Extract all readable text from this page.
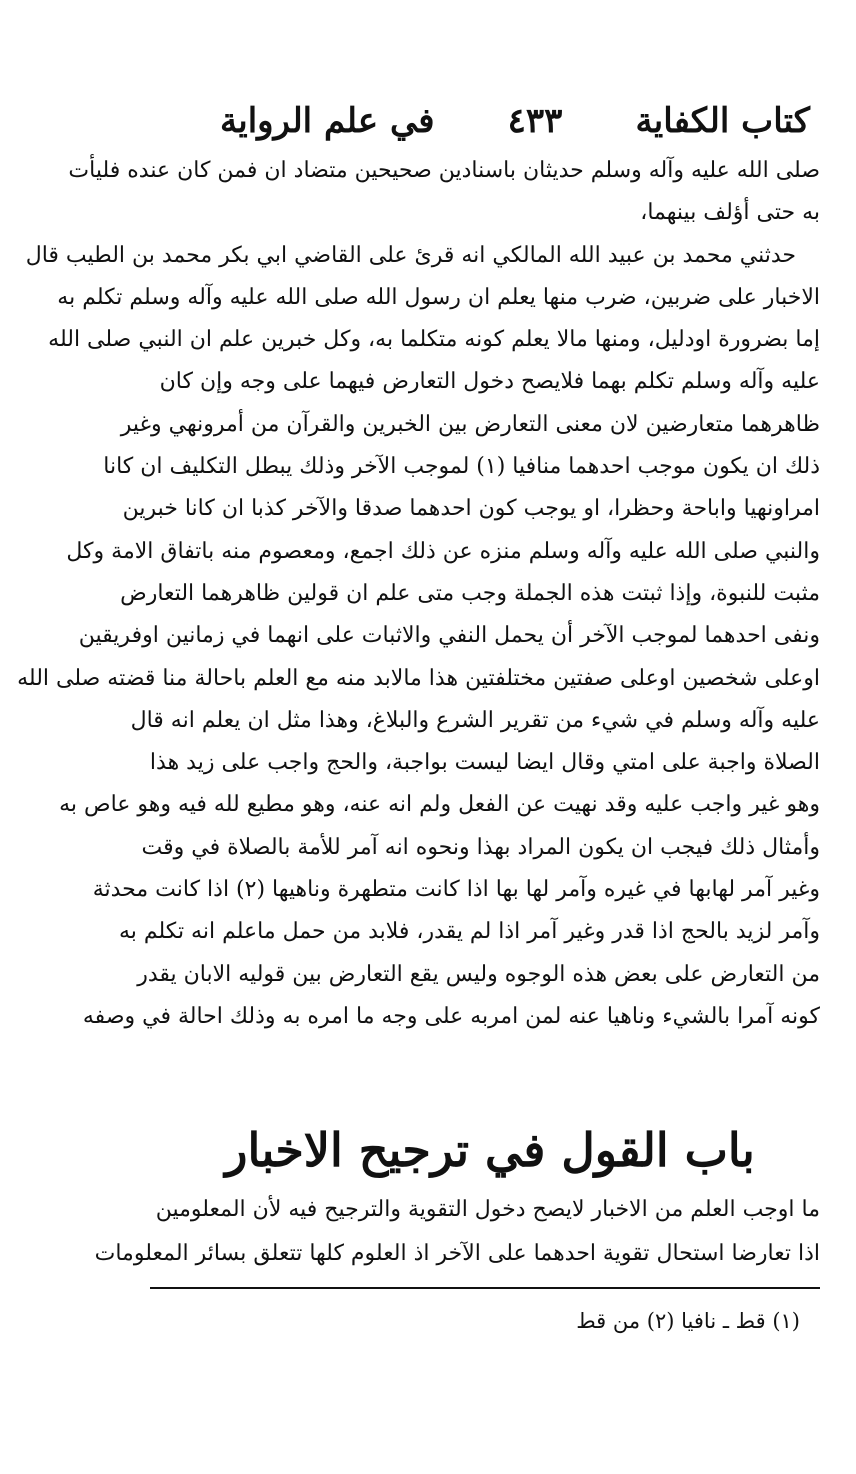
كتاب الكفاية
٤٣٣
في علم الرواية
صلى الله عليه وآله وسلم حديثان باسنادين صحيحين متضاد ان فمن كان عنده فليأت
به حتى أؤلف بينهما،
حدثني محمد بن عبيد الله المالكي انه قرئ على القاضي ابي بكر محمد بن الطيب قال
الاخبار على ضربين، ضرب منها يعلم ان رسول الله صلى الله عليه وآله وسلم تكلم به
إما بضرورة اودليل، ومنها مالا يعلم كونه متكلما به، وكل خبرين علم ان النبي صلى الله
عليه وآله وسلم تكلم بهما فلايصح دخول التعارض فيهما على وجه وإن كان
ظاهرهما متعارضين لان معنى التعارض بين الخبرين والقرآن من أمرونهي وغير
ذلك ان يكون موجب احدهما منافيا (١) لموجب الآخر وذلك يبطل التكليف ان كانا
امراونهيا واباحة وحظرا، او يوجب كون احدهما صدقا والآخر كذبا ان كانا خبرين
والنبي صلى الله عليه وآله وسلم منزه عن ذلك اجمع، ومعصوم منه باتفاق الامة وكل
مثبت للنبوة، وإذا ثبتت هذه الجملة وجب متى علم ان قولين ظاهرهما التعارض
ونفى احدهما لموجب الآخر أن يحمل النفي والاثبات على انهما في زمانين اوفريقين
اوعلى شخصين اوعلى صفتين مختلفتين هذا مالابد منه مع العلم باحالة منا قضته صلى الله
عليه وآله وسلم في شيء من تقرير الشرع والبلاغ، وهذا مثل ان يعلم انه قال
الصلاة واجبة على امتي وقال ايضا ليست بواجبة، والحج واجب على زيد هذا
وهو غير واجب عليه وقد نهيت عن الفعل ولم انه عنه، وهو مطيع لله فيه وهو عاص به
وأمثال ذلك فيجب ان يكون المراد بهذا ونحوه انه آمر للأمة بالصلاة في وقت
وغير آمر لهابها في غيره وآمر لها بها اذا كانت متطهرة وناهيها (٢) اذا كانت محدثة
وآمر لزيد بالحج اذا قدر وغير آمر اذا لم يقدر، فلابد من حمل ماعلم انه تكلم به
من التعارض على بعض هذه الوجوه وليس يقع التعارض بين قوليه الابان يقدر
كونه آمرا بالشيء وناهيا عنه لمن امربه على وجه ما امره به وذلك احالة في وصفه
باب القول في ترجيح الاخبار
ما اوجب العلم من الاخبار لايصح دخول التقوية والترجيح فيه لأن المعلومين
اذا تعارضا استحال تقوية احدهما على الآخر اذ العلوم كلها تتعلق بسائر المعلومات
(١) قط ـ نافيا (٢) من قط
